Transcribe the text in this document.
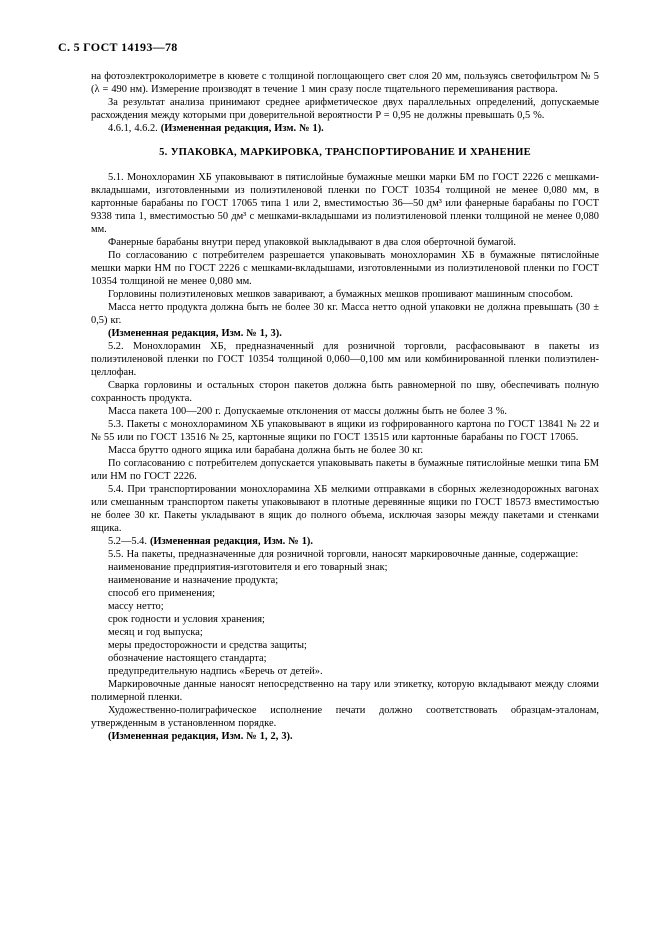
С. 5 ГОСТ 14193—78

на фотоэлектроколориметре в кювете с толщиной поглощающего свет слоя 20 мм, пользуясь светофильтром № 5 (λ = 490 нм). Измерение производят в течение 1 мин сразу после тщательного перемешивания раствора.

За результат анализа принимают среднее арифметическое двух параллельных определений, допускаемые расхождения между которыми при доверительной вероятности P = 0,95 не должны превышать 0,5 %.

4.6.1, 4.6.2. (Измененная редакция, Изм. № 1).

5. УПАКОВКА, МАРКИРОВКА, ТРАНСПОРТИРОВАНИЕ И ХРАНЕНИЕ

5.1. Монохлорамин ХБ упаковывают в пятислойные бумажные мешки марки БМ по ГОСТ 2226 с мешками-вкладышами, изготовленными из полиэтиленовой пленки по ГОСТ 10354 толщиной не менее 0,080 мм, в картонные барабаны по ГОСТ 17065 типа 1 или 2, вместимостью 36—50 дм³ или фанерные барабаны по ГОСТ 9338 типа 1, вместимостью 50 дм³ с мешками-вкладышами из полиэтиленовой пленки толщиной не менее 0,080 мм.

Фанерные барабаны внутри перед упаковкой выкладывают в два слоя оберточной бумагой.

По согласованию с потребителем разрешается упаковывать монохлорамин ХБ в бумажные пятислойные мешки марки НМ по ГОСТ 2226 с мешками-вкладышами, изготовленными из полиэтиленовой пленки по ГОСТ 10354 толщиной не менее 0,080 мм.

Горловины полиэтиленовых мешков заваривают, а бумажных мешков прошивают машинным способом.

Масса нетто продукта должна быть не более 30 кг. Масса нетто одной упаковки не должна превышать (30 ± 0,5) кг.

(Измененная редакция, Изм. № 1, 3).

5.2. Монохлорамин ХБ, предназначенный для розничной торговли, расфасовывают в пакеты из полиэтиленовой пленки по ГОСТ 10354 толщиной 0,060—0,100 мм или комбинированной пленки полиэтилен-целлофан.

Сварка горловины и остальных сторон пакетов должна быть равномерной по шву, обеспечивать полную сохранность продукта.

Масса пакета 100—200 г. Допускаемые отклонения от массы должны быть не более 3 %.

5.3. Пакеты с монохлорамином ХБ упаковывают в ящики из гофрированного картона по ГОСТ 13841 № 22 и № 55 или по ГОСТ 13516 № 25, картонные ящики по ГОСТ 13515 или картонные барабаны по ГОСТ 17065.

Масса брутто одного ящика или барабана должна быть не более 30 кг.

По согласованию с потребителем допускается упаковывать пакеты в бумажные пятислойные мешки типа БМ или НМ по ГОСТ 2226.

5.4. При транспортировании монохлорамина ХБ мелкими отправками в сборных железнодорожных вагонах или смешанным транспортом пакеты упаковывают в плотные деревянные ящики по ГОСТ 18573 вместимостью не более 30 кг. Пакеты укладывают в ящик до полного объема, исключая зазоры между пакетами и стенками ящика.

5.2—5.4. (Измененная редакция, Изм. № 1).

5.5. На пакеты, предназначенные для розничной торговли, наносят маркировочные данные, содержащие:

наименование предприятия-изготовителя и его товарный знак;

наименование и назначение продукта;

способ его применения;

массу нетто;

срок годности и условия хранения;

месяц и год выпуска;

меры предосторожности и средства защиты;

обозначение настоящего стандарта;

предупредительную надпись «Беречь от детей».

Маркировочные данные наносят непосредственно на тару или этикетку, которую вкладывают между слоями полимерной пленки.

Художественно-полиграфическое исполнение печати должно соответствовать образцам-эталонам, утвержденным в установленном порядке.

(Измененная редакция, Изм. № 1, 2, 3).
